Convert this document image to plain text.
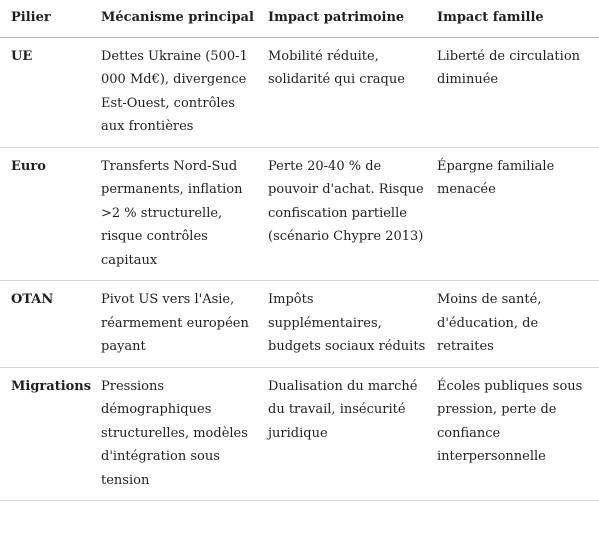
Pilier	Mécanisme principal	Impact patrimoine	Impact famille
UE	Dettes Ukraine (500-1 000 Md€), divergence Est-Ouest, contrôles aux frontières	Mobilité réduite, solidarité qui craque	Liberté de circulation diminuée
Euro	Transferts Nord-Sud permanents, inflation >2 % structurelle, risque contrôles capitaux	Perte 20-40 % de pouvoir d'achat. Risque confiscation partielle (scénario Chypre 2013)	Épargne familiale menacée
OTAN	Pivot US vers l'Asie, réarmement européen payant	Impôts supplémentaires, budgets sociaux réduits	Moins de santé, d'éducation, de retraites
Migrations	Pressions démographiques structurelles, modèles d'intégration sous tension	Dualisation du marché du travail, insécurité juridique	Écoles publiques sous pression, perte de confiance interpersonnelle
